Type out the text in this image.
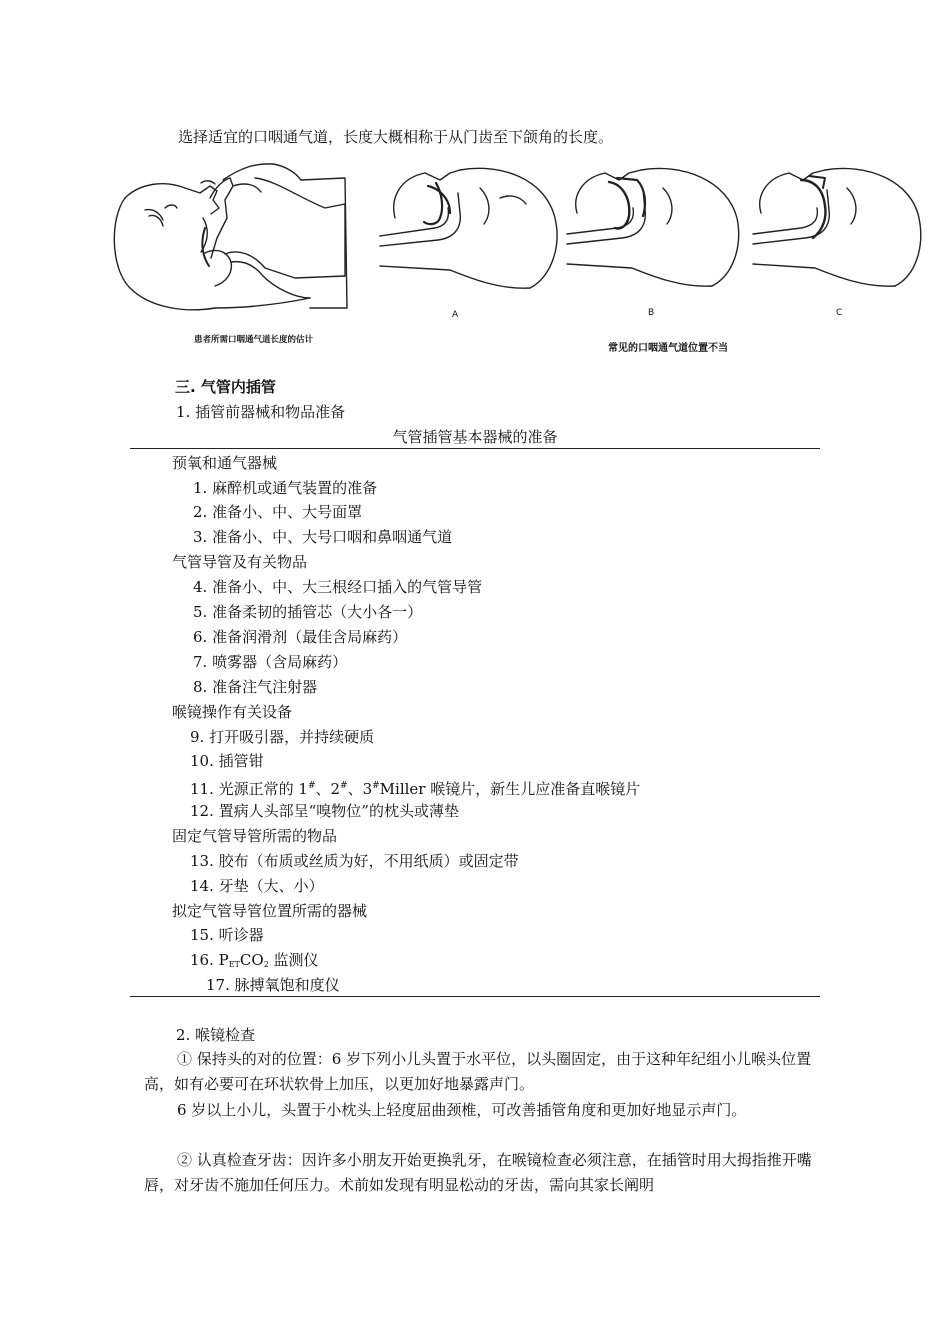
选择适宜的口咽通气道，长度大概相称于从门齿至下颌角的长度。
A	B	C
患者所需口咽通气道长度的估计
常见的口咽通气道位置不当
三. 气管内插管
1. 插管前器械和物品准备
气管插管基本器械的准备
预氧和通气器械
1. 麻醉机或通气装置的准备
2. 准备小、中、大号面罩
3. 准备小、中、大号口咽和鼻咽通气道
气管导管及有关物品
4. 准备小、中、大三根经口插入的气管导管
5. 准备柔韧的插管芯（大小各一）
6. 准备润滑剂（最佳含局麻药）
7. 喷雾器（含局麻药）
8. 准备注气注射器
喉镜操作有关设备
9. 打开吸引器，并持续硬质
10. 插管钳
11. 光源正常的 1#、2#、3#Miller 喉镜片，新生儿应准备直喉镜片
12. 置病人头部呈“嗅物位”的枕头或薄垫
固定气管导管所需的物品
13. 胶布（布质或丝质为好，不用纸质）或固定带
14. 牙垫（大、小）
拟定气管导管位置所需的器械
15. 听诊器
16. $P_{ET}CO_2$ 监测仪
17. 脉搏氧饱和度仪
2. 喉镜检查
① 保持头的对的位置：6 岁下列小儿头置于水平位，以头圈固定，由于这种年纪组小儿喉头位置高，如有必要可在环状软骨上加压，以更加好地暴露声门。
6 岁以上小儿，头置于小枕头上轻度屈曲颈椎，可改善插管角度和更加好地显示声门。
② 认真检查牙齿：因许多小朋友开始更换乳牙，在喉镜检查必须注意，在插管时用大拇指推开嘴唇，对牙齿不施加任何压力。术前如发现有明显松动的牙齿，需向其家长阐明
